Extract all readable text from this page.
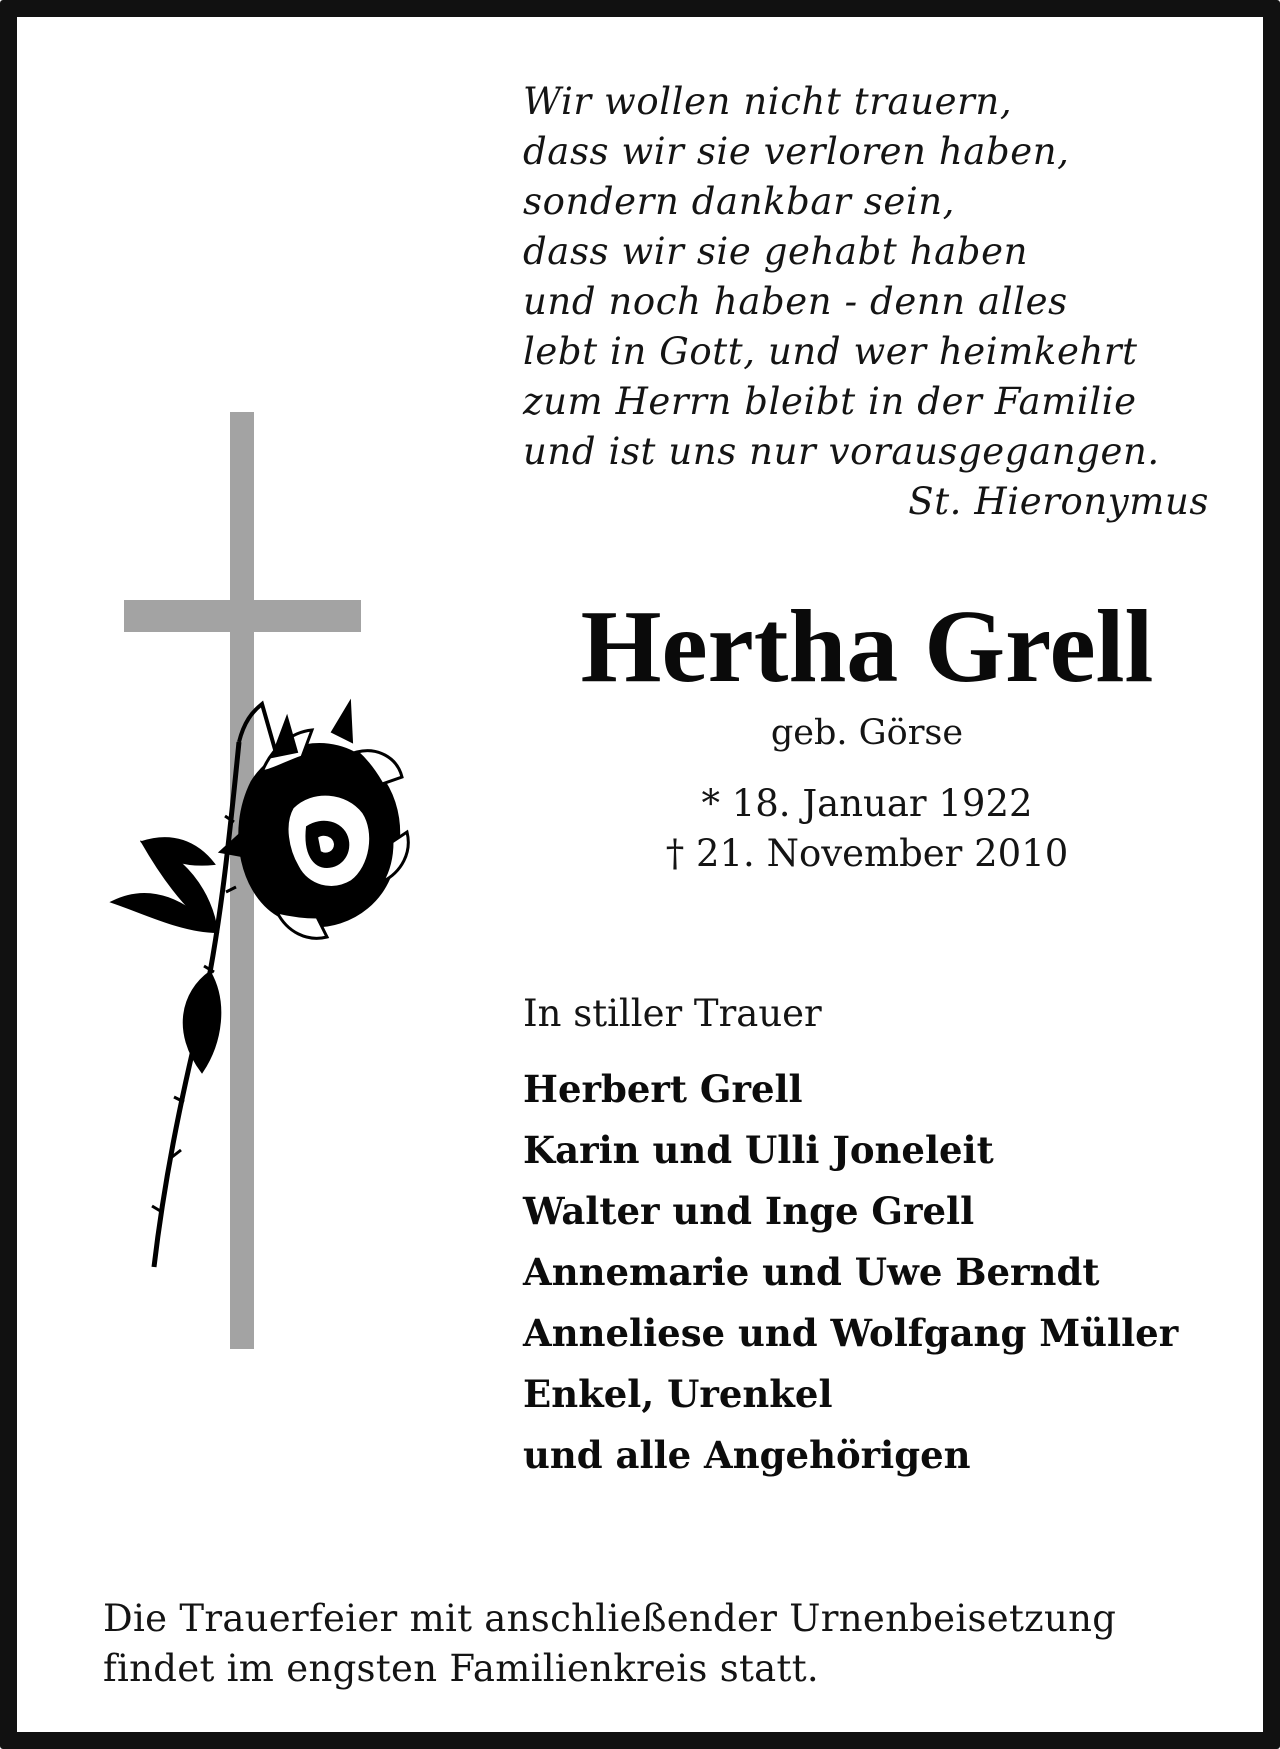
Wir wollen nicht trauern,
dass wir sie verloren haben,
sondern dankbar sein,
dass wir sie gehabt haben
und noch haben - denn alles
lebt in Gott, und wer heimkehrt
zum Herrn bleibt in der Familie
und ist uns nur vorausgegangen.
St. Hieronymus
Hertha Grell
geb. Görse
* 18. Januar 1922
† 21. November 2010
In stiller Trauer
Herbert Grell
Karin und Ulli Joneleit
Walter und Inge Grell
Annemarie und Uwe Berndt
Anneliese und Wolfgang Müller
Enkel, Urenkel
und alle Angehörigen
Die Trauerfeier mit anschließender Urnenbeisetzung
findet im engsten Familienkreis statt.
